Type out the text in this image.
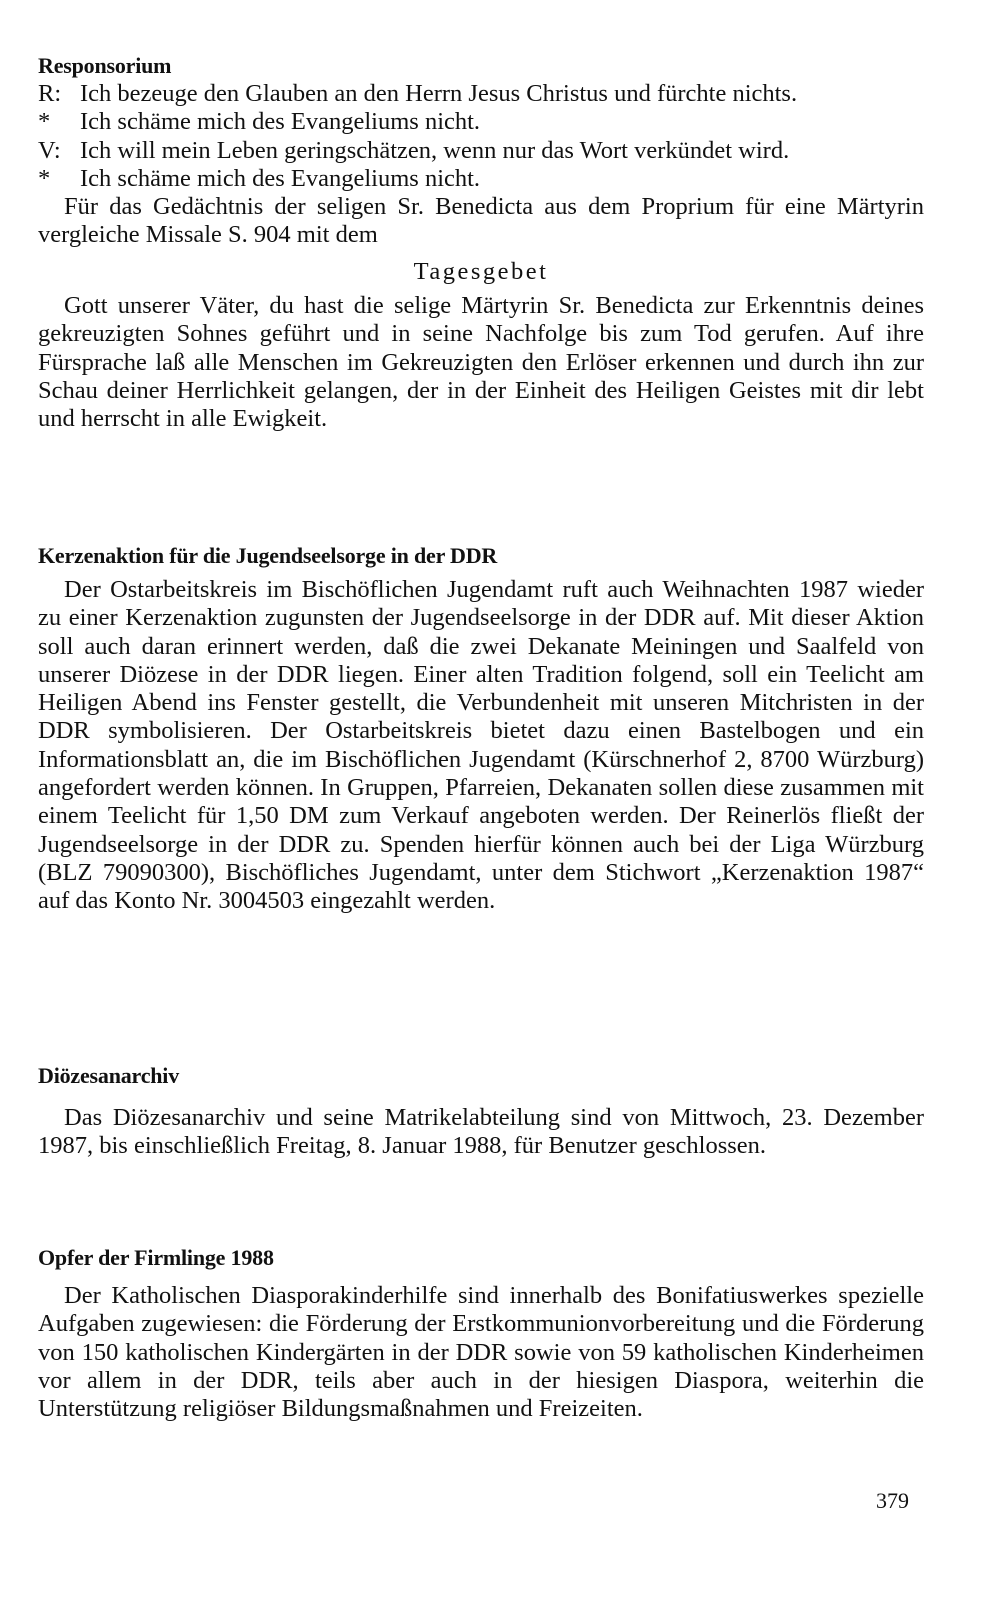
Responsorium
R: Ich bezeuge den Glauben an den Herrn Jesus Christus und fürchte nichts.
*	Ich schäme mich des Evangeliums nicht.
V: Ich will mein Leben geringschätzen, wenn nur das Wort verkündet wird.
*	Ich schäme mich des Evangeliums nicht.

Für das Gedächtnis der seligen Sr. Benedicta aus dem Proprium für eine Märtyrin vergleiche Missale S. 904 mit dem

Tagesgebet

Gott unserer Väter, du hast die selige Märtyrin Sr. Benedicta zur Erkenntnis deines gekreuzigten Sohnes geführt und in seine Nachfolge bis zum Tod gerufen. Auf ihre Fürsprache laß alle Menschen im Gekreuzigten den Erlöser erkennen und durch ihn zur Schau deiner Herrlichkeit gelangen, der in der Einheit des Heiligen Geistes mit dir lebt und herrscht in alle Ewigkeit.

Kerzenaktion für die Jugendseelsorge in der DDR

Der Ostarbeitskreis im Bischöflichen Jugendamt ruft auch Weihnachten 1987 wieder zu einer Kerzenaktion zugunsten der Jugendseelsorge in der DDR auf. Mit dieser Aktion soll auch daran erinnert werden, daß die zwei Dekanate Meiningen und Saalfeld von unserer Diözese in der DDR liegen. Einer alten Tradition folgend, soll ein Teelicht am Heiligen Abend ins Fenster gestellt, die Verbundenheit mit unseren Mitchristen in der DDR symbolisieren. Der Ostarbeitskreis bietet dazu einen Bastelbogen und ein Informationsblatt an, die im Bischöflichen Jugendamt (Kürschnerhof 2, 8700 Würzburg) angefordert werden können. In Gruppen, Pfarreien, Dekanaten sollen diese zusammen mit einem Teelicht für 1,50 DM zum Verkauf angeboten werden. Der Reinerlös fließt der Jugendseelsorge in der DDR zu. Spenden hierfür können auch bei der Liga Würzburg (BLZ 79090300), Bischöfliches Jugendamt, unter dem Stichwort „Kerzenaktion 1987“ auf das Konto Nr. 3004503 eingezahlt werden.

Diözesanarchiv

Das Diözesanarchiv und seine Matrikelabteilung sind von Mittwoch, 23. Dezember 1987, bis einschließlich Freitag, 8. Januar 1988, für Benutzer geschlossen.

Opfer der Firmlinge 1988

Der Katholischen Diasporakinderhilfe sind innerhalb des Bonifatiuswerkes spezielle Aufgaben zugewiesen: die Förderung der Erstkommunionvorbereitung und die Förderung von 150 katholischen Kindergärten in der DDR sowie von 59 katholischen Kinderheimen vor allem in der DDR, teils aber auch in der hiesigen Diaspora, weiterhin die Unterstützung religiöser Bildungsmaßnahmen und Freizeiten.

379
